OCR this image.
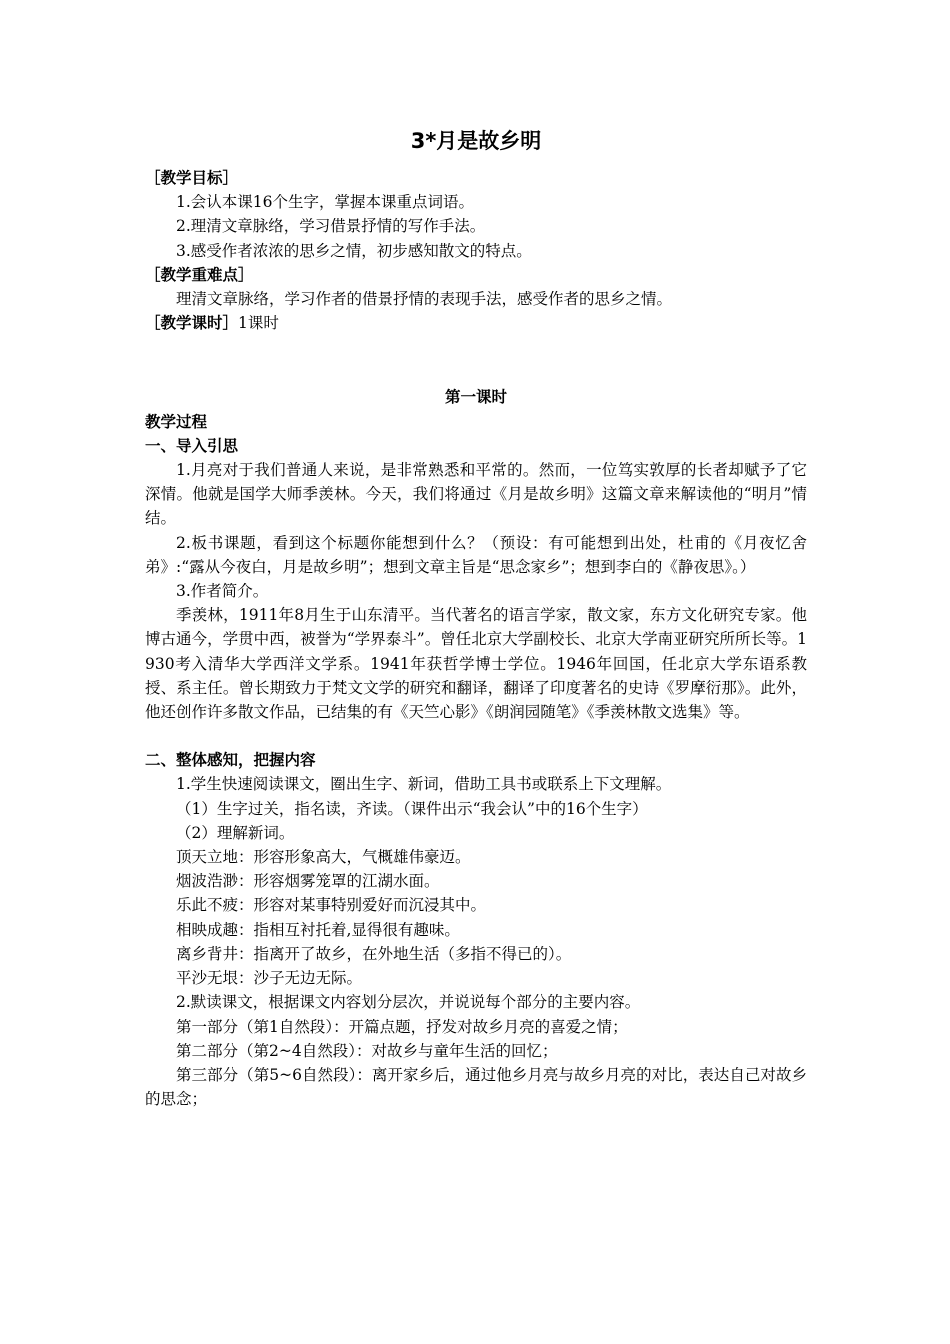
3*月是故乡明
［教学目标］
1.会认本课16个生字，掌握本课重点词语。
2.理清文章脉络，学习借景抒情的写作手法。
3.感受作者浓浓的思乡之情，初步感知散文的特点。
［教学重难点］
理清文章脉络，学习作者的借景抒情的表现手法，感受作者的思乡之情。
［教学课时］1课时
第一课时
教学过程
一、导入引思
1.月亮对于我们普通人来说，是非常熟悉和平常的。然而，一位笃实敦厚的长者却赋予了它深情。他就是国学大师季羡林。今天，我们将通过《月是故乡明》这篇文章来解读他的“明月”情结。
2.板书课题，看到这个标题你能想到什么？（预设：有可能想到出处，杜甫的《月夜忆舍弟》:“露从今夜白，月是故乡明”；想到文章主旨是“思念家乡”；想到李白的《静夜思》。）
3.作者简介。
季羡林，1911年8月生于山东清平。当代著名的语言学家，散文家，东方文化研究专家。他博古通今，学贯中西，被誉为“学界泰斗”。曾任北京大学副校长、北京大学南亚研究所所长等。1930考入清华大学西洋文学系。1941年获哲学博士学位。1946年回国，任北京大学东语系教授、系主任。曾长期致力于梵文文学的研究和翻译，翻译了印度著名的史诗《罗摩衍那》。此外，他还创作许多散文作品，已结集的有《天竺心影》《朗润园随笔》《季羡林散文选集》等。
二、整体感知，把握内容
1.学生快速阅读课文，圈出生字、新词，借助工具书或联系上下文理解。
（1）生字过关，指名读，齐读。（课件出示“我会认”中的16个生字）
（2）理解新词。
顶天立地：形容形象高大，气概雄伟豪迈。
烟波浩渺：形容烟雾笼罩的江湖水面。
乐此不疲：形容对某事特别爱好而沉浸其中。
相映成趣：指相互衬托着,显得很有趣味。
离乡背井：指离开了故乡，在外地生活（多指不得已的）。
平沙无垠：沙子无边无际。
2.默读课文，根据课文内容划分层次，并说说每个部分的主要内容。
第一部分（第1自然段）：开篇点题，抒发对故乡月亮的喜爱之情；
第二部分（第2~4自然段）：对故乡与童年生活的回忆；
第三部分（第5~6自然段）：离开家乡后，通过他乡月亮与故乡月亮的对比，表达自己对故乡的思念；
